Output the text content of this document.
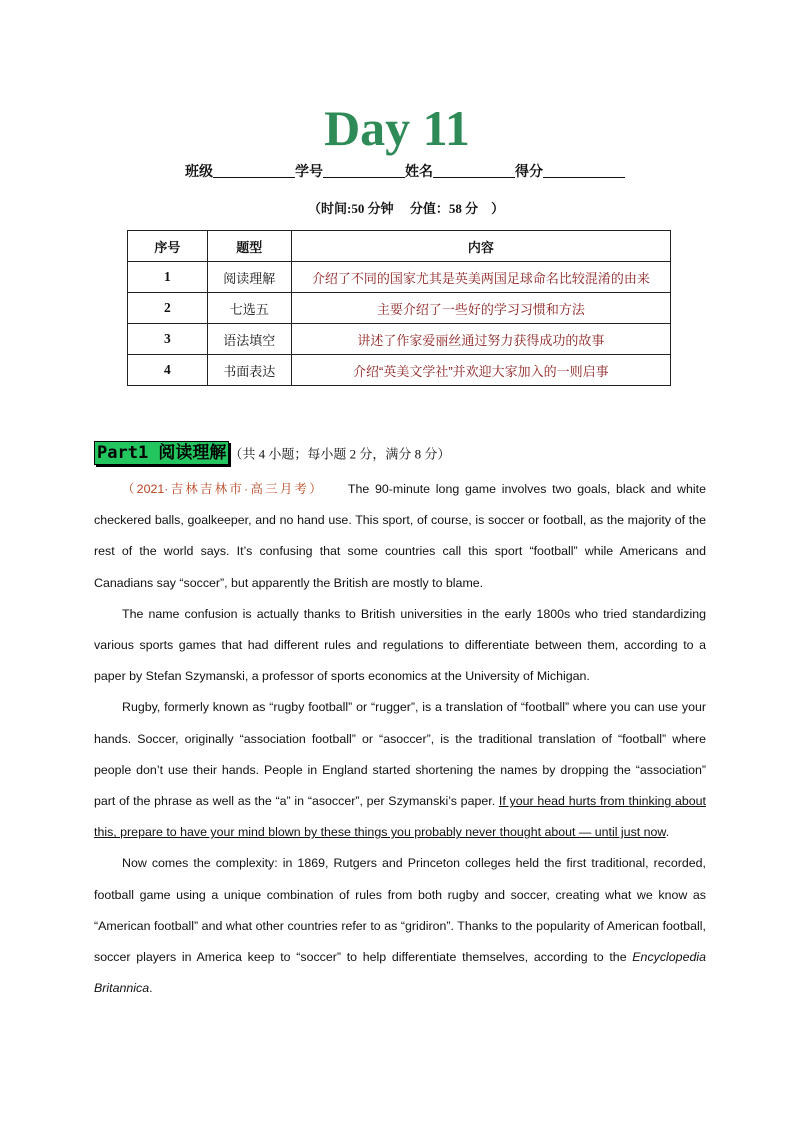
Day 11
班级	学号	姓名	得分
（时间:50 分钟     分值：58 分    ）
序号	题型	内容
1	阅读理解	介绍了不同的国家尤其是英美两国足球命名比较混淆的由来
2	七选五	主要介绍了一些好的学习习惯和方法
3	语法填空	讲述了作家爱丽丝通过努力获得成功的故事
4	书面表达	介绍“英美文学社”并欢迎大家加入的一则启事
Part1 阅读理解 （共 4 小题；每小题 2 分，满分 8 分）

（2021·吉林吉林市·高三月考） The 90-minute long game involves two goals, black and white checkered balls, goalkeeper, and no hand use. This sport, of course, is soccer or football, as the majority of the rest of the world says. It’s confusing that some countries call this sport “football” while Americans and Canadians say “soccer”, but apparently the British are mostly to blame.

The name confusion is actually thanks to British universities in the early 1800s who tried standardizing various sports games that had different rules and regulations to differentiate between them, according to a paper by Stefan Szymanski, a professor of sports economics at the University of Michigan.

Rugby, formerly known as “rugby football” or “rugger”, is a translation of “football” where you can use your hands. Soccer, originally “association football” or “asoccer”, is the traditional translation of “football” where people don’t use their hands. People in England started shortening the names by dropping the “association” part of the phrase as well as the “a” in “asoccer”, per Szymanski’s paper. If your head hurts from thinking about this, prepare to have your mind blown by these things you probably never thought about — until just now.

Now comes the complexity: in 1869, Rutgers and Princeton colleges held the first traditional, recorded, football game using a unique combination of rules from both rugby and soccer, creating what we know as “American football” and what other countries refer to as “gridiron”. Thanks to the popularity of American football, soccer players in America keep to “soccer” to help differentiate themselves, according to the Encyclopedia Britannica.
